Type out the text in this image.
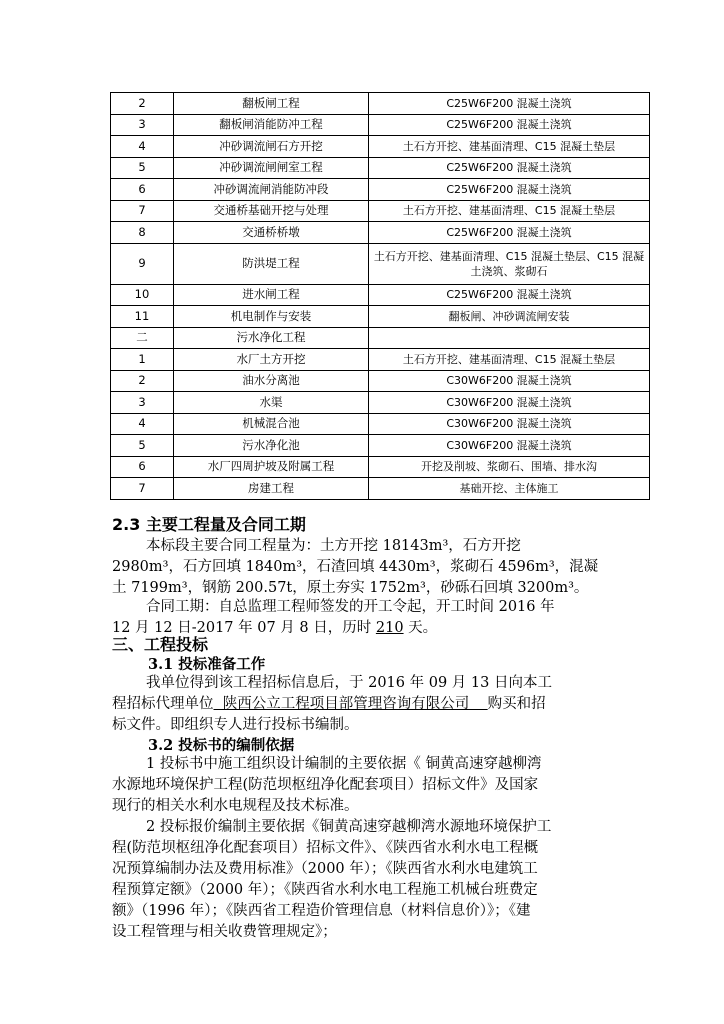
2	翻板闸工程	C25W6F200 混凝土浇筑
3	翻板闸消能防冲工程	C25W6F200 混凝土浇筑
4	冲砂调流闸石方开挖	土石方开挖、建基面清理、C15 混凝土垫层
5	冲砂调流闸闸室工程	C25W6F200 混凝土浇筑
6	冲砂调流闸消能防冲段	C25W6F200 混凝土浇筑
7	交通桥基础开挖与处理	土石方开挖、建基面清理、C15 混凝土垫层
8	交通桥桥墩	C25W6F200 混凝土浇筑
9	防洪堤工程	土石方开挖、建基面清理、C15 混凝土垫层、C15 混凝土浇筑、浆砌石
10	进水闸工程	C25W6F200 混凝土浇筑
11	机电制作与安装	翻板闸、冲砂调流闸安装
二	污水净化工程	
1	水厂土方开挖	土石方开挖、建基面清理、C15 混凝土垫层
2	油水分离池	C30W6F200 混凝土浇筑
3	水渠	C30W6F200 混凝土浇筑
4	机械混合池	C30W6F200 混凝土浇筑
5	污水净化池	C30W6F200 混凝土浇筑
6	水厂四周护坡及附属工程	开挖及削坡、浆砌石、围墙、排水沟
7	房建工程	基础开挖、主体施工
2.3 主要工程量及合同工期

本标段主要合同工程量为：土方开挖 18143m³，石方开挖
2980m³，石方回填 1840m³，石渣回填 4430m³，浆砌石 4596m³，混凝
土 7199m³，钢筋 200.57t，原土夯实 1752m³，砂砾石回填 3200m³。

合同工期：自总监理工程师签发的开工令起，开工时间 2016 年
12 月 12 日-2017 年 07 月 8 日，历时 210 天。

三、工程投标
3.1 投标准备工作

我单位得到该工程招标信息后，于 2016 年 09 月 13 日向本工
程招标代理单位  陕西公立工程项目部管理咨询有限公司    购买和招
标文件。即组织专人进行投标书编制。

3.2 投标书的编制依据

1 投标书中施工组织设计编制的主要依据《 铜黄高速穿越柳湾
水源地环境保护工程(防范坝枢纽净化配套项目）招标文件》及国家
现行的相关水利水电规程及技术标准。

2 投标报价编制主要依据《铜黄高速穿越柳湾水源地环境保护工
程(防范坝枢纽净化配套项目）招标文件》、《陕西省水利水电工程概
况预算编制办法及费用标准》（2000 年）；《陕西省水利水电建筑工
程预算定额》（2000 年）；《陕西省水利水电工程施工机械台班费定
额》（1996 年）；《陕西省工程造价管理信息（材料信息价）》；《建
设工程管理与相关收费管理规定》；
